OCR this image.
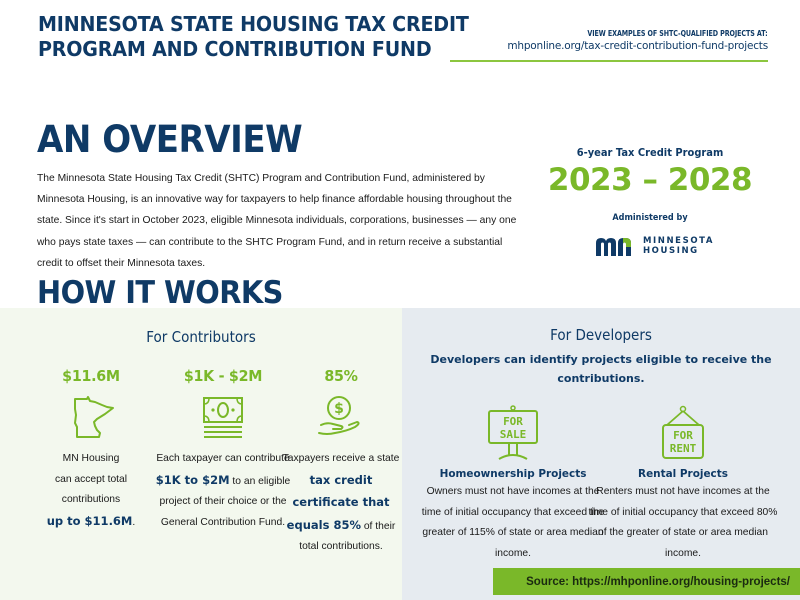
MINNESOTA STATE HOUSING TAX CREDIT
PROGRAM AND CONTRIBUTION FUND
VIEW EXAMPLES OF SHTC-QUALIFIED PROJECTS AT:
mhponline.org/tax-credit-contribution-fund-projects
AN OVERVIEW
The Minnesota State Housing Tax Credit (SHTC) Program and Contribution Fund, administered by Minnesota Housing, is an innovative way for taxpayers to help finance affordable housing throughout the state. Since it's start in October 2023, eligible Minnesota individuals, corporations, businesses — any one who pays state taxes — can contribute to the SHTC Program Fund, and in return receive a substantial credit to offset their Minnesota taxes.
6-year Tax Credit Program
2023 – 2028
Administered by
MINNESOTA
HOUSING
HOW IT WORKS
For Contributors
$11.6M
MN Housing
can accept total
contributions
up to $11.6M.
$1K - $2M
Each taxpayer can contribute $1K to $2M to an eligible project of their choice or the General Contribution Fund.
85%
$
Taxpayers receive a state tax credit certificate that equals 85% of their total contributions.
For Developers
Developers can identify projects eligible to receive the contributions.
FOR
SALE
Homeownership Projects
Owners must not have incomes at the time of initial occupancy that exceed the greater of 115% of state or area median income.
FOR
RENT
Rental Projects
Renters must not have incomes at the time of initial occupancy that exceed 80% of the greater of state or area median income.
Source: https://mhponline.org/housing-projects/
